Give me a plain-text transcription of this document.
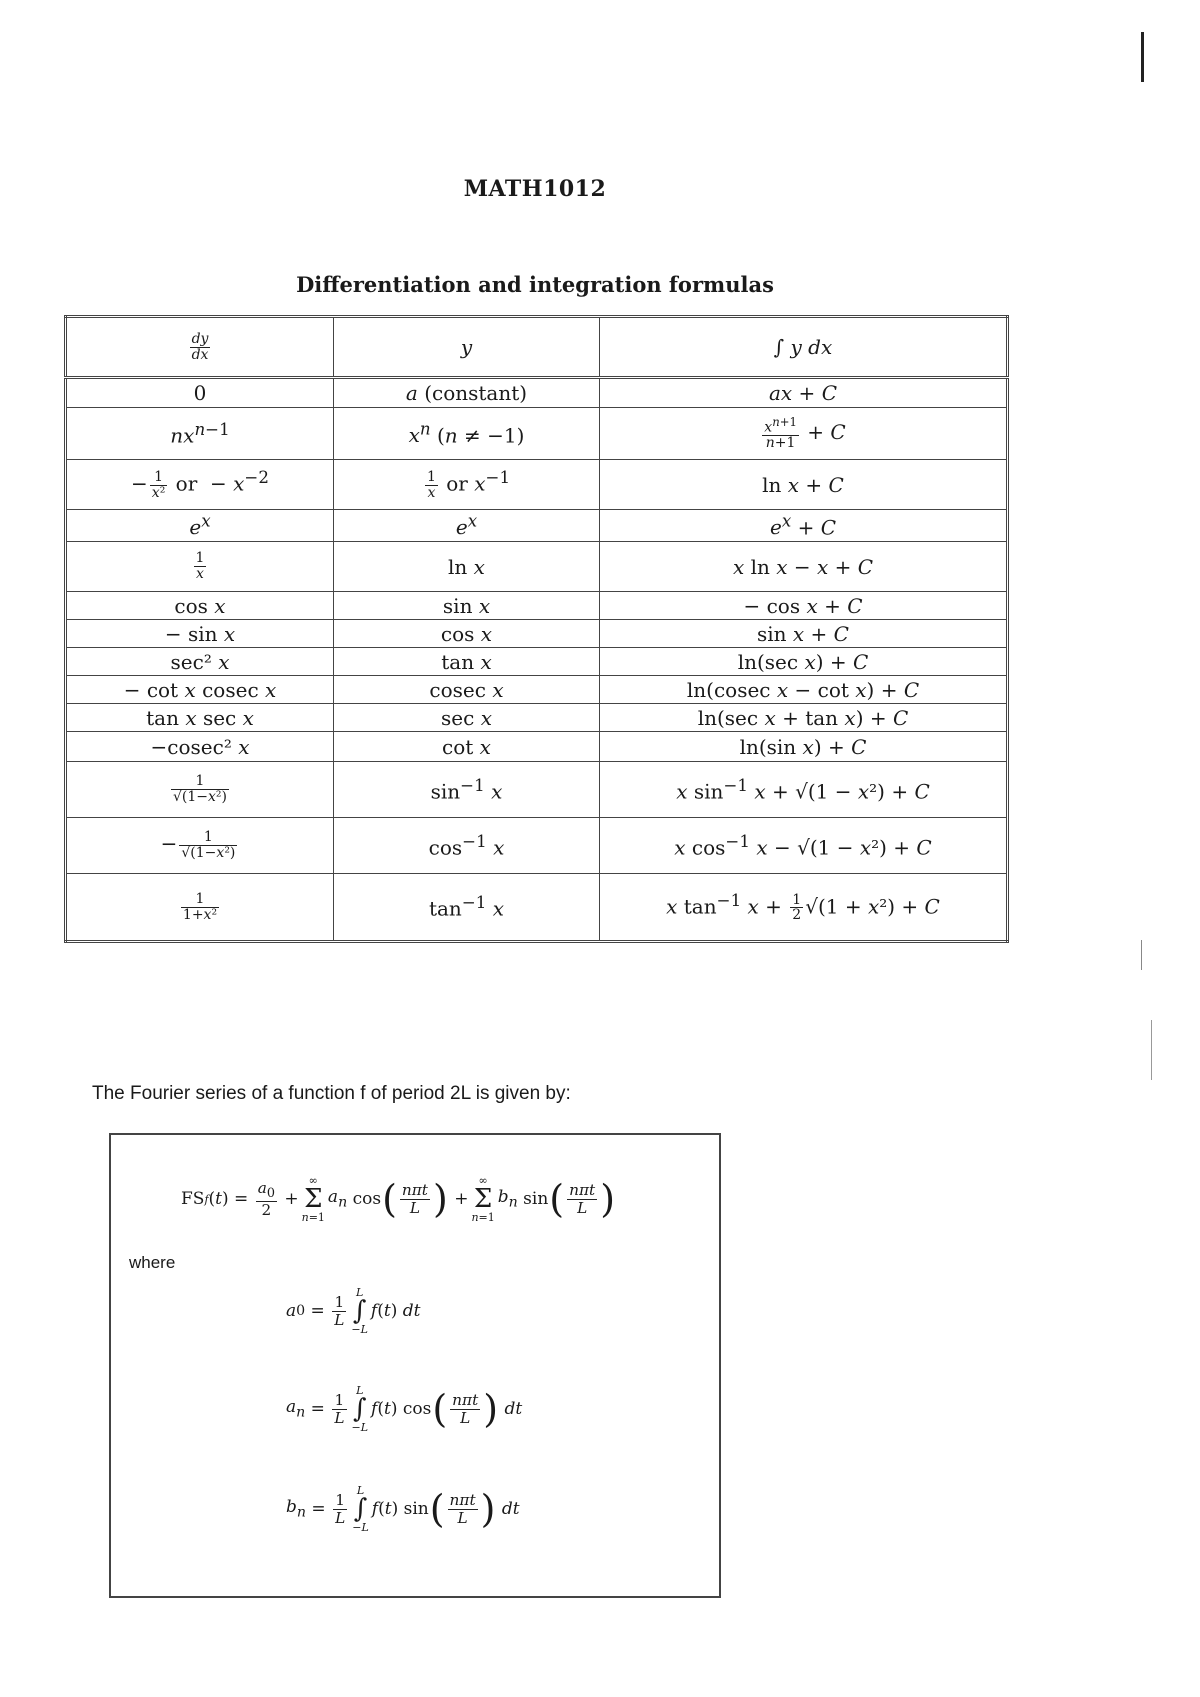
MATH1012
Differentiation and integration formulas
$\frac{dy}{dx}$	y	∫ y dx
0	a (constant)	ax + C
$nx^{n-1}$	$x^n$ (n ≠ −1)	$\frac{x^{n+1}}{n+1} + C$
− $\frac{1}{\text{x²}}$ or  − $x^{-2}$	$\frac{1}{x}$ or $x^{-1}$	ln x + C
$e^x$	$e^x$	$e^x + C$

$\frac{1}{x}$	ln x	x ln x − x + C
cos x	sin x	− cos x + C
− sin x	cos x	sin x + C
sec² x	tan x	ln(sec x) + C
− cot x cosec x	cosec x	ln(cosec x − cot x) + C
tan x sec x	sec x	ln(sec x + tan x) + C
−cosec² x	cot x	ln(sin x) + C

$\frac{1}{\text{√(1−x²)}}$	$\sin^{-1} x$	x $\sin^{-1} x + √(1 - x^2) + C$
− $\frac{1}{\text{√(1−x²)}}$	$\cos^{-1} x$	x $\cos^{-1} x - √(1 - x^2) + C$

$\frac{1}{\text{1+x²}}$	$\tan^{-1} x$	x $\tan^{-1} x + \frac{1}{2} √(1 + x^2) + C$
The Fourier series of a function f of period 2L is given by:
FS f ( t ) = $\frac{a_0}{2}$ +
∞
Σ
n=1
$a_n$ cos ( $\frac{\text{nπt}}{L}$ ) +
∞
Σ
n=1
$b_n$ sin ( $\frac{\text{nπt}}{L}$ )
where
a $0 = \frac{1}{L}$
L
∫
−L
f ( t ) dt
$a_n = \frac{1}{L}$
L
∫
−L
f ( t ) cos ( $\frac{\text{nπt}}{L}$ )
dt
$b_n = \frac{1}{L}$
L
∫
−L
f ( t ) sin ( $\frac{\text{nπt}}{L}$ )
dt
